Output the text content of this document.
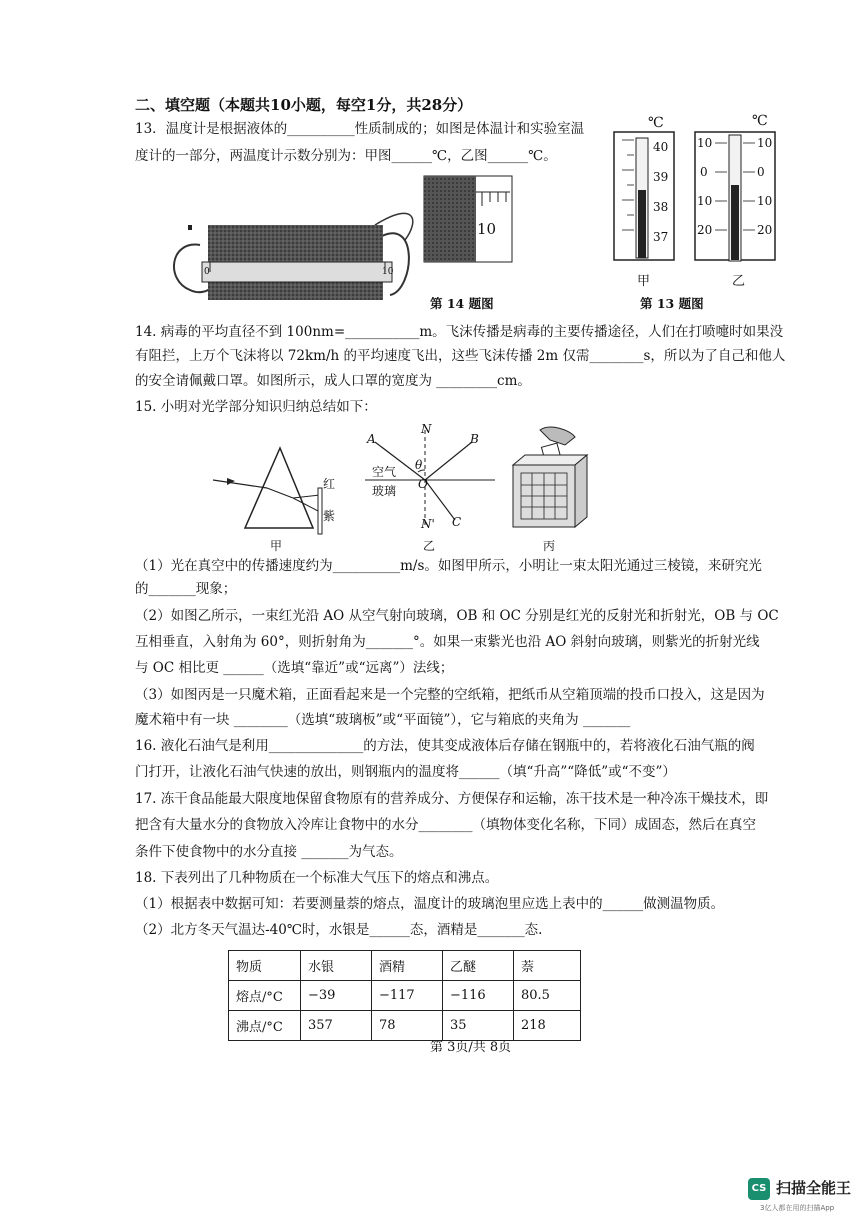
二、填空题（本题共10小题，每空1分，共28分）
13．温度计是根据液体的__________性质制成的；如图是体温计和实验室温
度计的一部分，两温度计示数分别为：甲图______℃，乙图______℃。
10
0	10
℃
40
39
38
37
甲
℃
10
0
10
20
10
0
10
20
乙
第 14 题图	第 13 题图
14. 病毒的平均直径不到 100nm=___________m。飞沫传播是病毒的主要传播途径，人们在打喷嚏时如果没
有阻拦，上万个飞沫将以 72km/h 的平均速度飞出，这些飞沫传播 2m 仅需________s，所以为了自己和他人
的安全请佩戴口罩。如图所示，成人口罩的宽度为 _________cm。
15. 小明对光学部分知识归纳总结如下：
红
紫
甲
A
N
B
θ
空气
玻璃 O
C
N'
乙	丙
（1）光在真空中的传播速度约为__________m/s。如图甲所示，小明让一束太阳光通过三棱镜，来研究光
的_______现象；
（2）如图乙所示，一束红光沿 AO 从空气射向玻璃，OB 和 OC 分别是红光的反射光和折射光，OB 与 OC
互相垂直，入射角为 60°，则折射角为_______°。如果一束紫光也沿 AO 斜射向玻璃，则紫光的折射光线
与 OC 相比更 ______（选填“靠近”或“远离”）法线；
（3）如图丙是一只魔术箱，正面看起来是一个完整的空纸箱，把纸币从空箱顶端的投币口投入，这是因为
魔术箱中有一块 ________（选填“玻璃板”或“平面镜”），它与箱底的夹角为 _______
16. 液化石油气是利用______________的方法，使其变成液体后存储在钢瓶中的，若将液化石油气瓶的阀
门打开，让液化石油气快速的放出，则钢瓶内的温度将______（填“升高”“降低”或“不变”）
17. 冻干食品能最大限度地保留食物原有的营养成分、方便保存和运输，冻干技术是一种冷冻干燥技术，即
把含有大量水分的食物放入冷库让食物中的水分________（填物体变化名称，下同）成固态，然后在真空
条件下使食物中的水分直接 _______为气态。
18. 下表列出了几种物质在一个标准大气压下的熔点和沸点。
（1）根据表中数据可知：若要测量萘的熔点，温度计的玻璃泡里应选上表中的______做测温物质。
（2）北方冬天气温达-40℃时，水银是______态，酒精是_______态.
物质	水银	酒精	乙醚	萘
熔点/°C	−39	−117	−116	80.5
沸点/°C	357	78	35	218
第 3页/共 8页
CS 扫描全能王
3亿人都在用的扫描App
